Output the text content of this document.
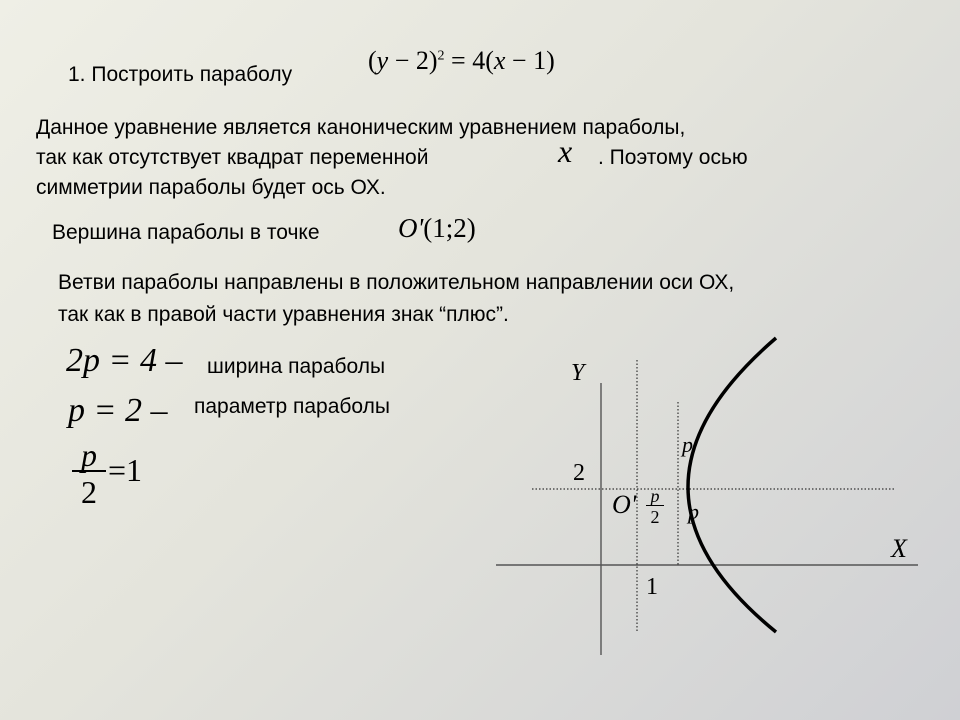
1. Построить параболу	$(y - 2)^2 = 4(x - 1)$
Данное уравнение является каноническим уравнением параболы,
так как отсутствует квадрат переменной	x . Поэтому осью
симметрии параболы будет ось ОХ.
Вершина параболы в точке	O'(1;2)
Ветви параболы направлены в положительном направлении оси ОХ,
так как в правой части уравнения знак “плюс”.
2p = 4 – ширина параболы
p = 2 – параметр параболы
p
2
=1
Y
X
2
1
O'
p
p
p
2
